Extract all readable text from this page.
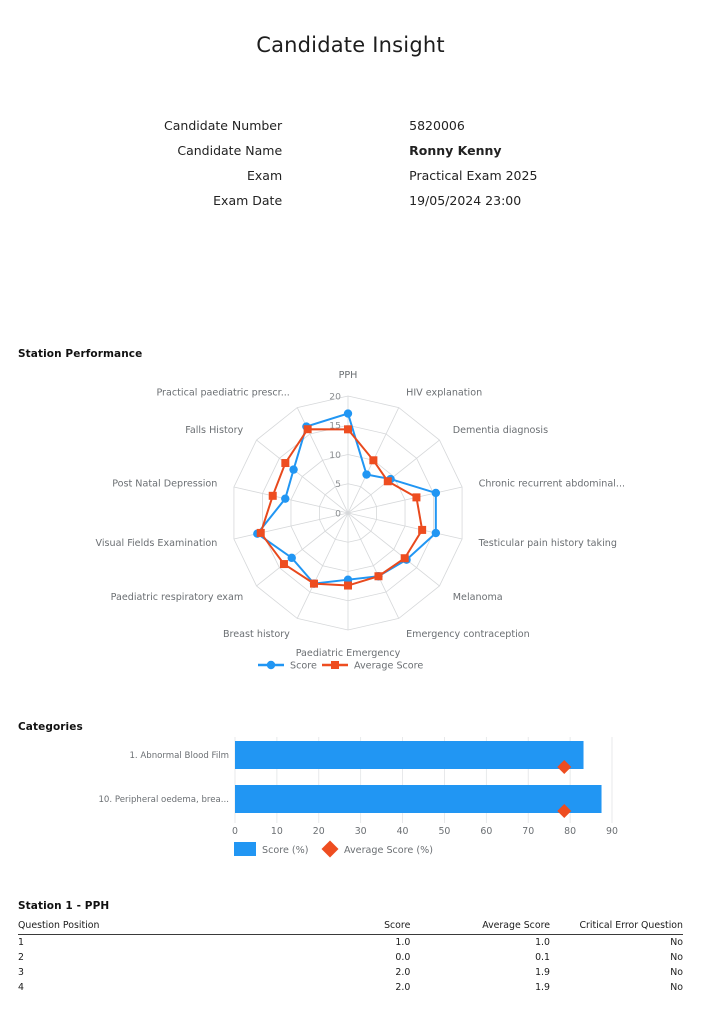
Candidate Insight
Candidate Number	5820006
Candidate Name	Ronny Kenny
Exam	Practical Exam 2025
Exam Date	19/05/2024 23:00
Station Performance
0
5
10
15
20
PPH
HIV explanation
Dementia diagnosis
Chronic recurrent abdominal...
Testicular pain history taking
Melanoma
Emergency contraception
Paediatric Emergency
Breast history
Paediatric respiratory exam
Visual Fields Examination
Post Natal Depression
Falls History
Practical paediatric prescr...
Score	Average Score
Categories
1. Abnormal Blood Film
10. Peripheral oedema, brea...
0	10	20	30	40	50	60	70	80	90
Score (%)	Average Score (%)
Station 1 - PPH
Question Position	Score	Average Score	Critical Error Question
1	1.0	1.0	No
2	0.0	0.1	No
3	2.0	1.9	No
4	2.0	1.9	No
